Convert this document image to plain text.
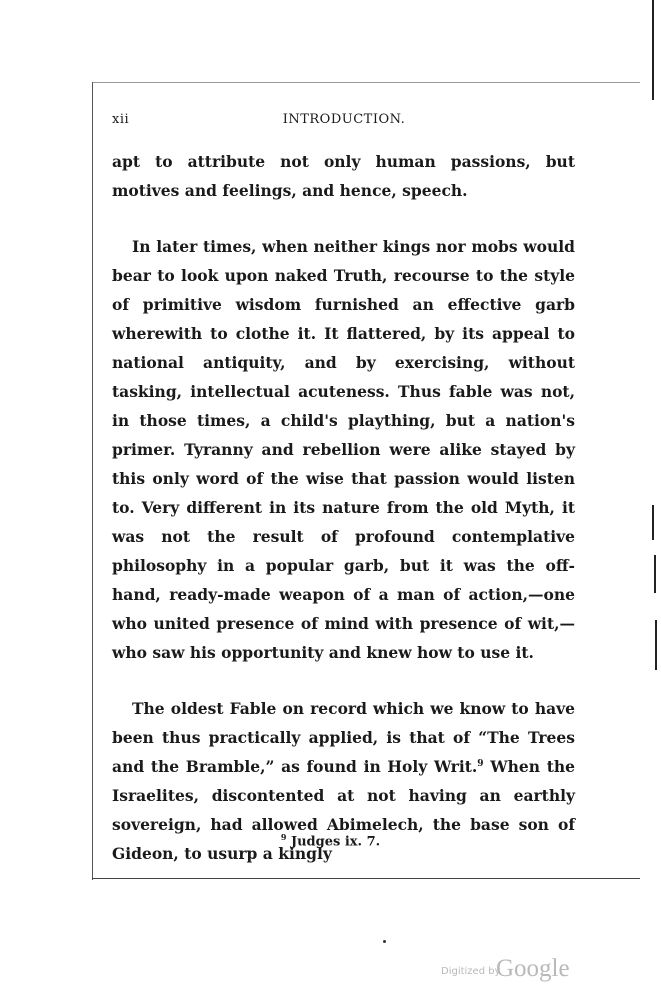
xii	INTRODUCTION.

apt to attribute not only human passions, but motives and feelings, and hence, speech.

In later times, when neither kings nor mobs would bear to look upon naked Truth, recourse to the style of primitive wisdom furnished an effective garb wherewith to clothe it. It flattered, by its appeal to national antiquity, and by exercising, without tasking, intellectual acuteness. Thus fable was not, in those times, a child's plaything, but a nation's primer. Tyranny and rebellion were alike stayed by this only word of the wise that passion would listen to. Very different in its nature from the old Myth, it was not the result of profound contemplative philosophy in a popular garb, but it was the off-hand, ready-made weapon of a man of action,—one who united presence of mind with presence of wit,—who saw his opportunity and knew how to use it.

The oldest Fable on record which we know to have been thus practically applied, is that of “The Trees and the Bramble,” as found in Holy Writ.$^9$ When the Israelites, discontented at not having an earthly sovereign, had allowed Abimelech, the base son of Gideon, to usurp a kingly

$^9$ Judges ix. 7.
Digitized by
Google
